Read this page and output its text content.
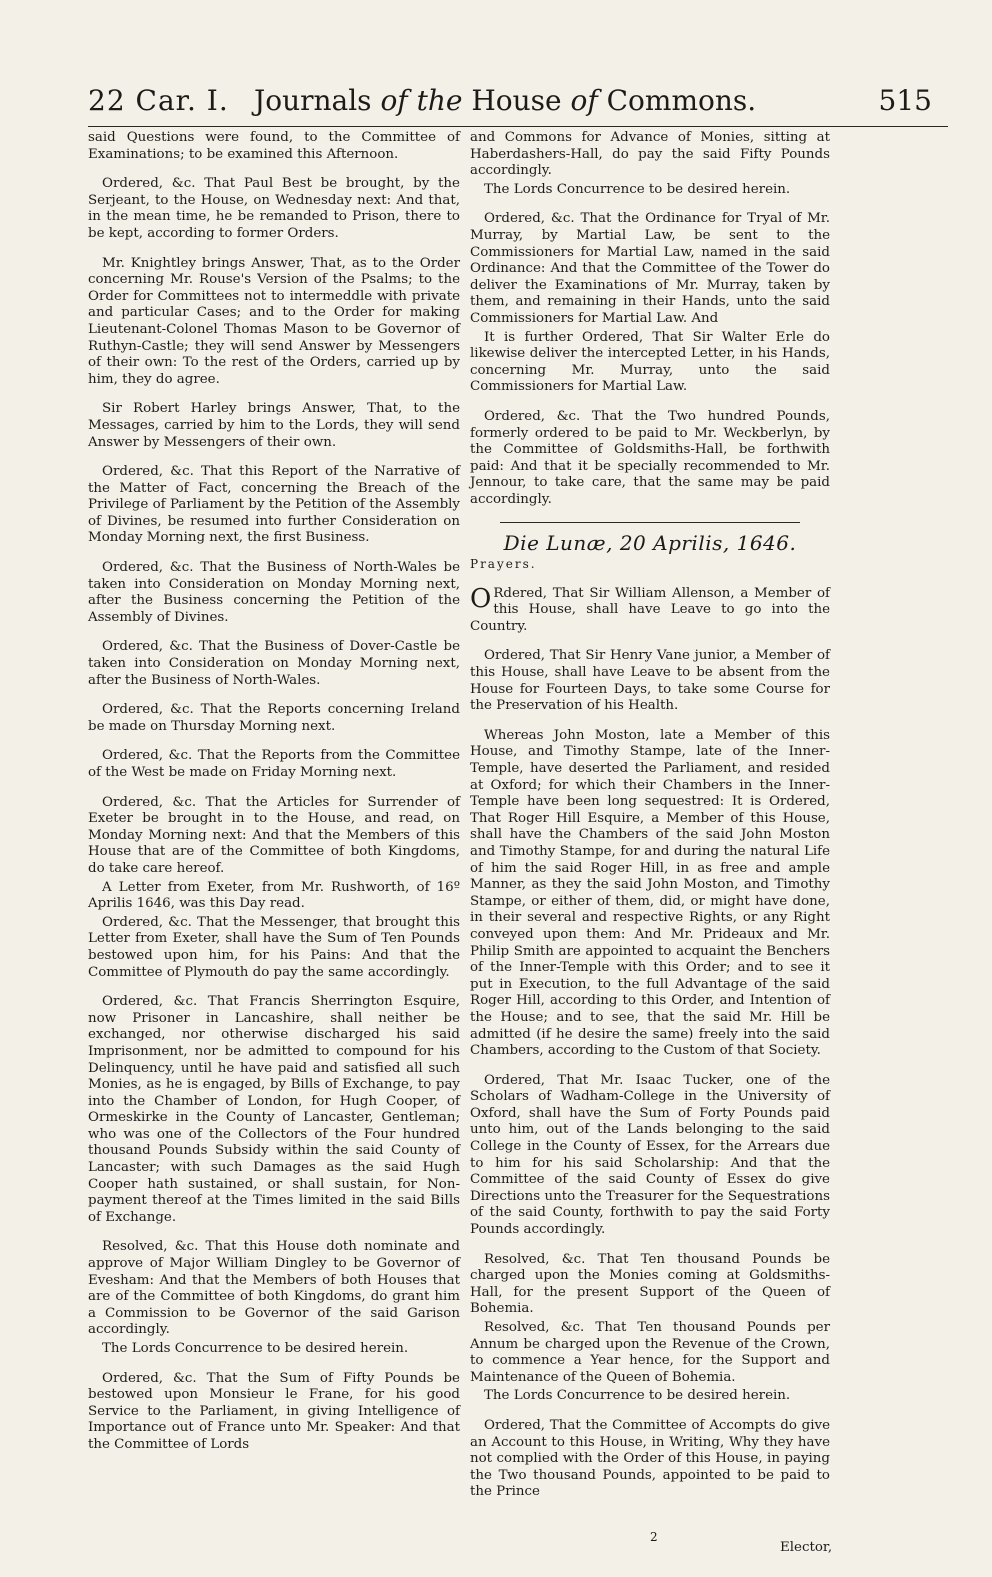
22 Car. I. Journals of the House of Commons.	515

said Questions were found, to the Committee of Examinations; to be examined this Afternoon.

Ordered, &c. That Paul Best be brought, by the Serjeant, to the House, on Wednesday next: And that, in the mean time, he be remanded to Prison, there to be kept, according to former Orders.

Mr. Knightley brings Answer, That, as to the Order concerning Mr. Rouse's Version of the Psalms; to the Order for Committees not to intermeddle with private and particular Cases; and to the Order for making Lieutenant-Colonel Thomas Mason to be Governor of Ruthyn-Castle; they will send Answer by Messengers of their own: To the rest of the Orders, carried up by him, they do agree.

Sir Robert Harley brings Answer, That, to the Messages, carried by him to the Lords, they will send Answer by Messengers of their own.

Ordered, &c. That this Report of the Narrative of the Matter of Fact, concerning the Breach of the Privilege of Parliament by the Petition of the Assembly of Divines, be resumed into further Consideration on Monday Morning next, the first Business.

Ordered, &c. That the Business of North-Wales be taken into Consideration on Monday Morning next, after the Business concerning the Petition of the Assembly of Divines.

Ordered, &c. That the Business of Dover-Castle be taken into Consideration on Monday Morning next, after the Business of North-Wales.

Ordered, &c. That the Reports concerning Ireland be made on Thursday Morning next.

Ordered, &c. That the Reports from the Committee of the West be made on Friday Morning next.

Ordered, &c. That the Articles for Surrender of Exeter be brought in to the House, and read, on Monday Morning next: And that the Members of this House that are of the Committee of both Kingdoms, do take care hereof.

A Letter from Exeter, from Mr. Rushworth, of 16º Aprilis 1646, was this Day read.

Ordered, &c. That the Messenger, that brought this Letter from Exeter, shall have the Sum of Ten Pounds bestowed upon him, for his Pains: And that the Committee of Plymouth do pay the same accordingly.

Ordered, &c. That Francis Sherrington Esquire, now Prisoner in Lancashire, shall neither be exchanged, nor otherwise discharged his said Imprisonment, nor be admitted to compound for his Delinquency, until he have paid and satisfied all such Monies, as he is engaged, by Bills of Exchange, to pay into the Chamber of London, for Hugh Cooper, of Ormeskirke in the County of Lancaster, Gentleman; who was one of the Collectors of the Four hundred thousand Pounds Subsidy within the said County of Lancaster; with such Damages as the said Hugh Cooper hath sustained, or shall sustain, for Non-payment thereof at the Times limited in the said Bills of Exchange.

Resolved, &c. That this House doth nominate and approve of Major William Dingley to be Governor of Evesham: And that the Members of both Houses that are of the Committee of both Kingdoms, do grant him a Commission to be Governor of the said Garison accordingly.

The Lords Concurrence to be desired herein.

Ordered, &c. That the Sum of Fifty Pounds be bestowed upon Monsieur le Frane, for his good Service to the Parliament, in giving Intelligence of Importance out of France unto Mr. Speaker: And that the Committee of Lords

and Commons for Advance of Monies, sitting at Haberdashers-Hall, do pay the said Fifty Pounds accordingly.

The Lords Concurrence to be desired herein.

Ordered, &c. That the Ordinance for Tryal of Mr. Murray, by Martial Law, be sent to the Commissioners for Martial Law, named in the said Ordinance: And that the Committee of the Tower do deliver the Examinations of Mr. Murray, taken by them, and remaining in their Hands, unto the said Commissioners for Martial Law. And

It is further Ordered, That Sir Walter Erle do likewise deliver the intercepted Letter, in his Hands, concerning Mr. Murray, unto the said Commissioners for Martial Law.

Ordered, &c. That the Two hundred Pounds, formerly ordered to be paid to Mr. Weckberlyn, by the Committee of Goldsmiths-Hall, be forthwith paid: And that it be specially recommended to Mr. Jennour, to take care, that the same may be paid accordingly.

Die Lunæ, 20 Aprilis, 1646.

Prayers.

O Rdered, That Sir William Allenson, a Member of this House, shall have Leave to go into the Country.

Ordered, That Sir Henry Vane junior, a Member of this House, shall have Leave to be absent from the House for Fourteen Days, to take some Course for the Preservation of his Health.

Whereas John Moston, late a Member of this House, and Timothy Stampe, late of the Inner-Temple, have deserted the Parliament, and resided at Oxford; for which their Chambers in the Inner-Temple have been long sequestred: It is Ordered, That Roger Hill Esquire, a Member of this House, shall have the Chambers of the said John Moston and Timothy Stampe, for and during the natural Life of him the said Roger Hill, in as free and ample Manner, as they the said John Moston, and Timothy Stampe, or either of them, did, or might have done, in their several and respective Rights, or any Right conveyed upon them: And Mr. Prideaux and Mr. Philip Smith are appointed to acquaint the Benchers of the Inner-Temple with this Order; and to see it put in Execution, to the full Advantage of the said Roger Hill, according to this Order, and Intention of the House; and to see, that the said Mr. Hill be admitted (if he desire the same) freely into the said Chambers, according to the Custom of that Society.

Ordered, That Mr. Isaac Tucker, one of the Scholars of Wadham-College in the University of Oxford, shall have the Sum of Forty Pounds paid unto him, out of the Lands belonging to the said College in the County of Essex, for the Arrears due to him for his said Scholarship: And that the Committee of the said County of Essex do give Directions unto the Treasurer for the Sequestrations of the said County, forthwith to pay the said Forty Pounds accordingly.

Resolved, &c. That Ten thousand Pounds be charged upon the Monies coming at Goldsmiths-Hall, for the present Support of the Queen of Bohemia.

Resolved, &c. That Ten thousand Pounds per Annum be charged upon the Revenue of the Crown, to commence a Year hence, for the Support and Maintenance of the Queen of Bohemia.

The Lords Concurrence to be desired herein.

Ordered, That the Committee of Accompts do give an Account to this House, in Writing, Why they have not complied with the Order of this House, in paying the Two thousand Pounds, appointed to be paid to the Prince

2
Elector,
